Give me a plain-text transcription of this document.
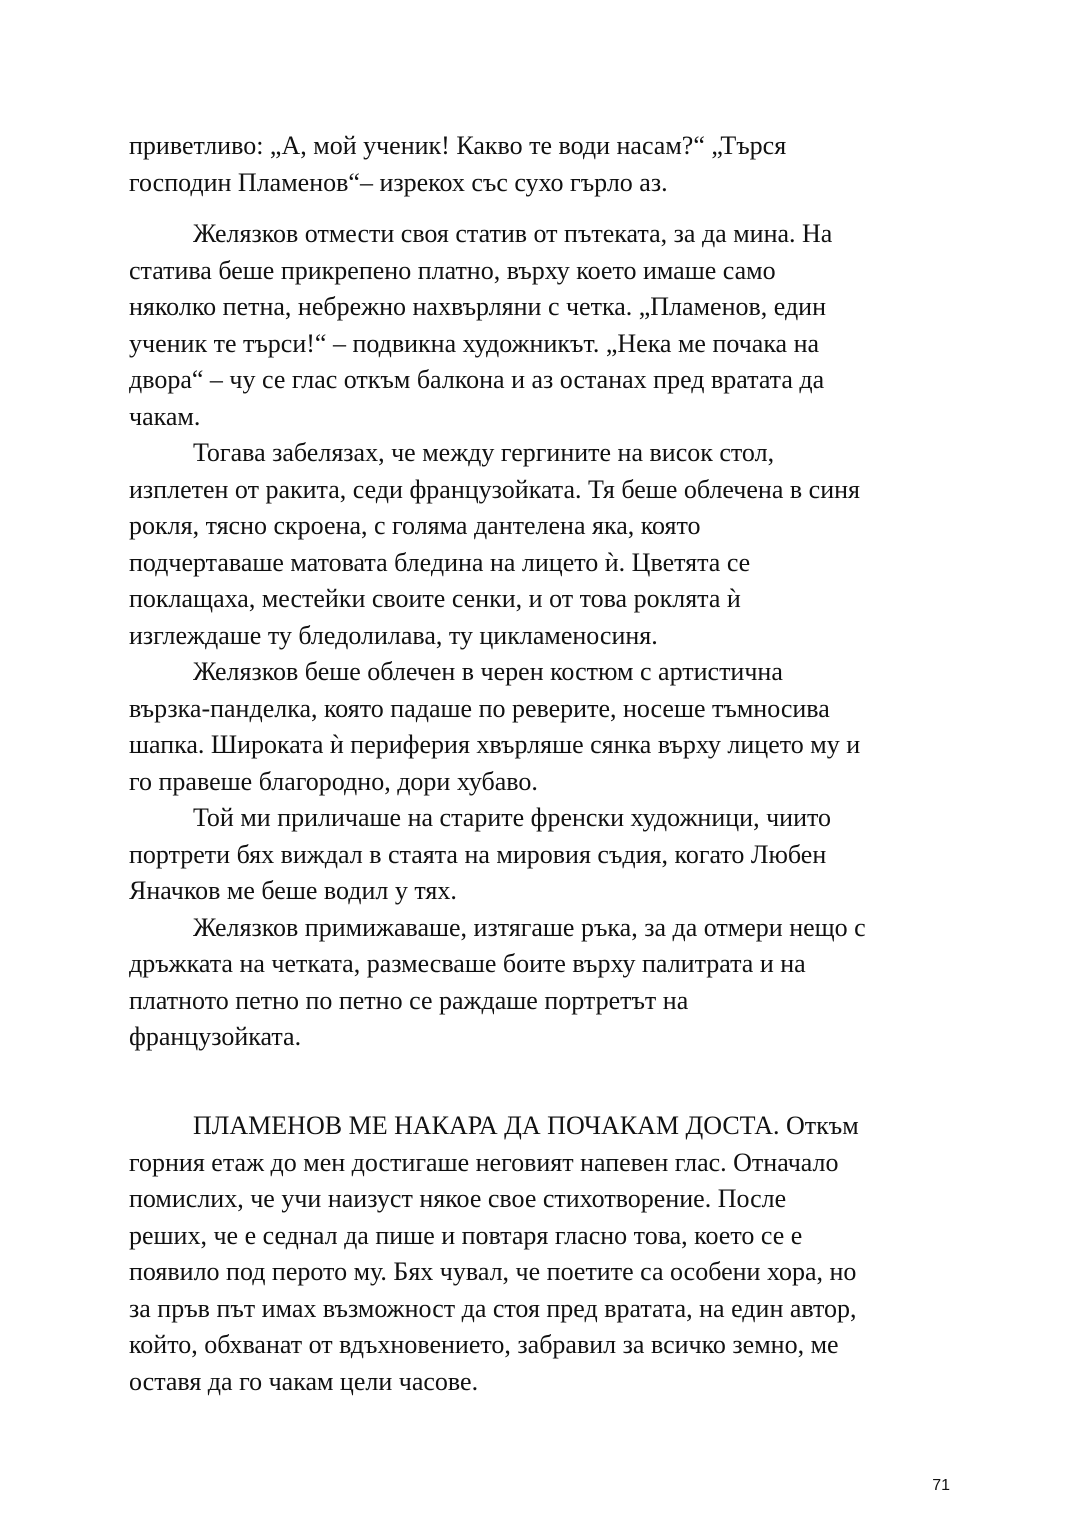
приветливо: „А, мой ученик! Какво те води насам?“ „Търся
господин Пламенов“– изрекох със сухо гърло аз.
Желязков отмести своя статив от пътеката, за да мина. На
статива беше прикрепено платно, върху което имаше само
няколко петна, небрежно нахвърляни с четка. „Пламенов, един
ученик те търси!“ – подвикна художникът. „Нека ме почака на
двора“ – чу се глас откъм балкона и аз останах пред вратата да
чакам.
Тогава забелязах, че между гергините на висок стол,
изплетен от ракита, седи французойката. Тя беше облечена в синя
рокля, тясно скроена, с голяма дантелена яка, която
подчертаваше матовата бледина на лицето ѝ. Цветята се
поклащаха, местейки своите сенки, и от това роклята ѝ
изглеждаше ту бледолилава, ту цикламеносиня.
Желязков беше облечен в черен костюм с артистична
вързка-панделка, която падаше по реверите, носеше тъмносива
шапка. Широката ѝ периферия хвърляше сянка върху лицето му и
го правеше благородно, дори хубаво.
Той ми приличаше на старите френски художници, чиито
портрети бях виждал в стаята на мировия съдия, когато Любен
Яначков ме беше водил у тях.
Желязков примижаваше, изтягаше ръка, за да отмери нещо с
дръжката на четката, размесваше боите върху палитрата и на
платното петно по петно се раждаше портретът на
французойката.
ПЛАМЕНОВ МЕ НАКАРА ДА ПОЧАКАМ ДОСТА. Откъм
горния етаж до мен достигаше неговият напевен глас. Отначало
помислих, че учи наизуст някое свое стихотворение. После
реших, че е седнал да пише и повтаря гласно това, което се е
появило под перото му. Бях чувал, че поетите са особени хора, но
за пръв път имах възможност да стоя пред вратата, на един автор,
който, обхванат от вдъхновението, забравил за всичко земно, ме
оставя да го чакам цели часове.
71
